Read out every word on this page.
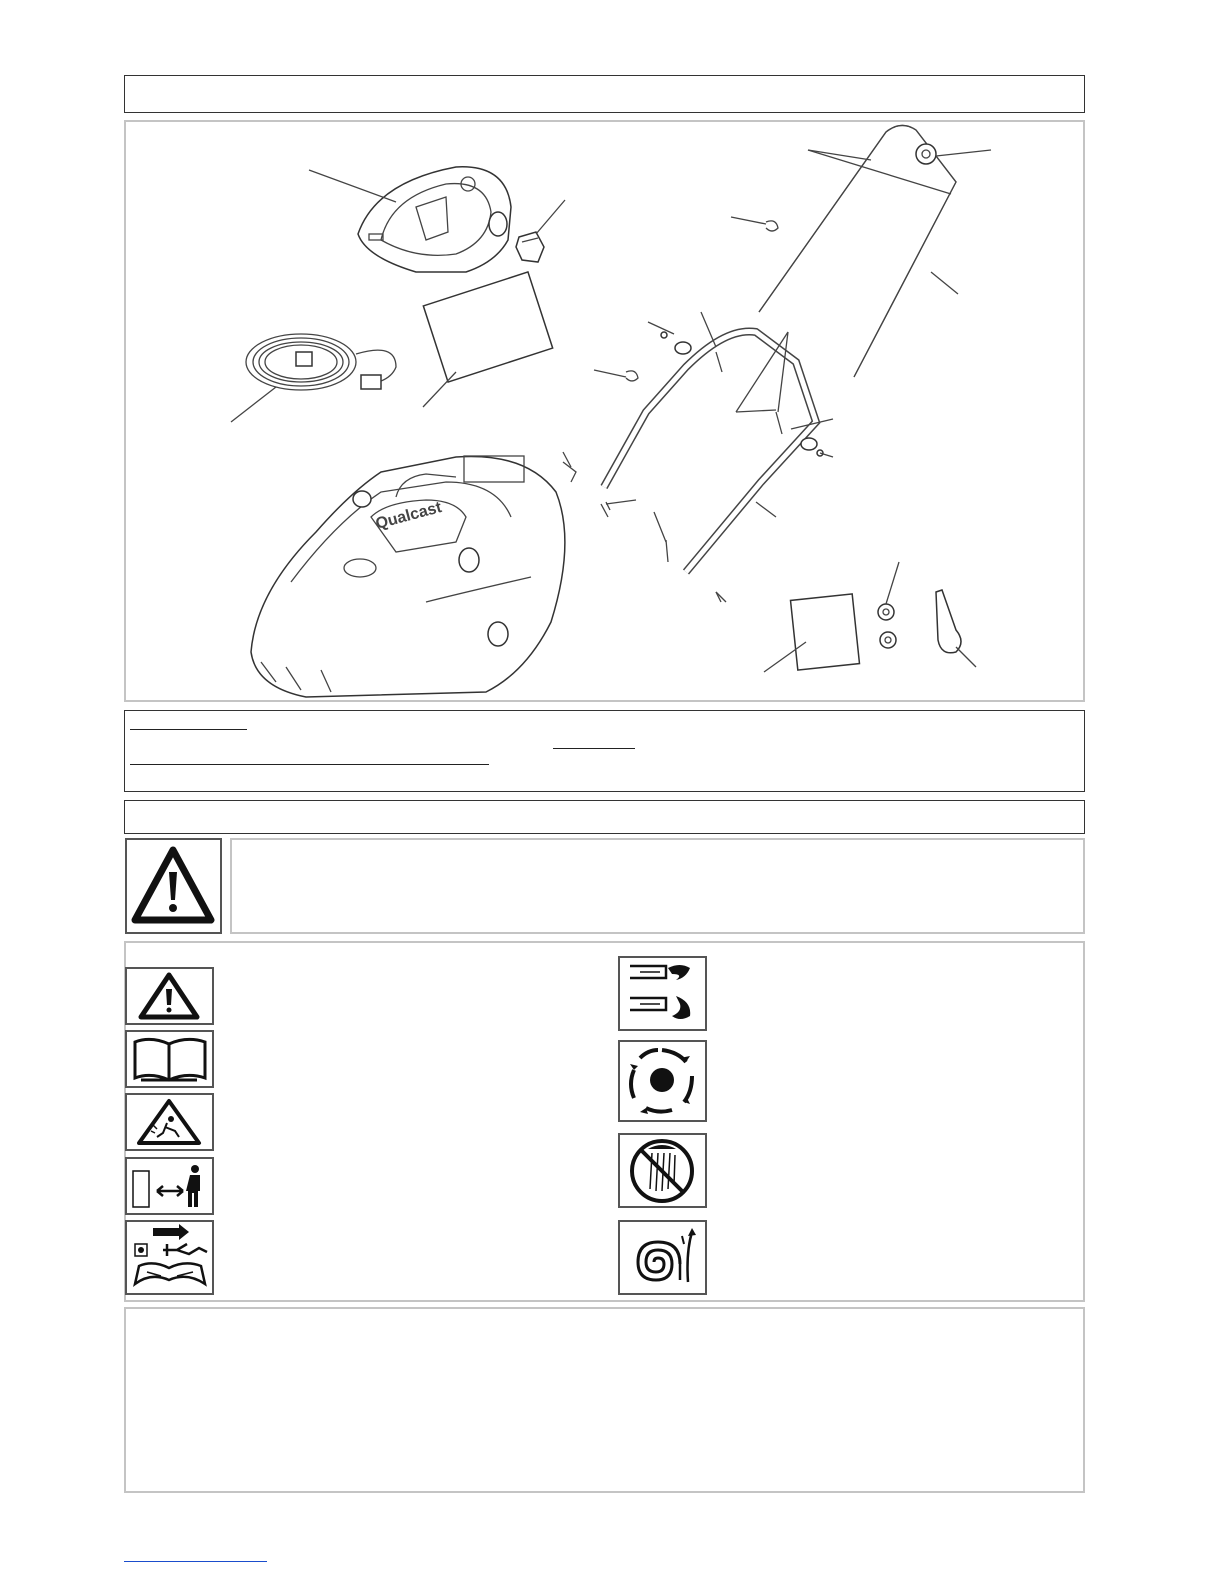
Qualcast
